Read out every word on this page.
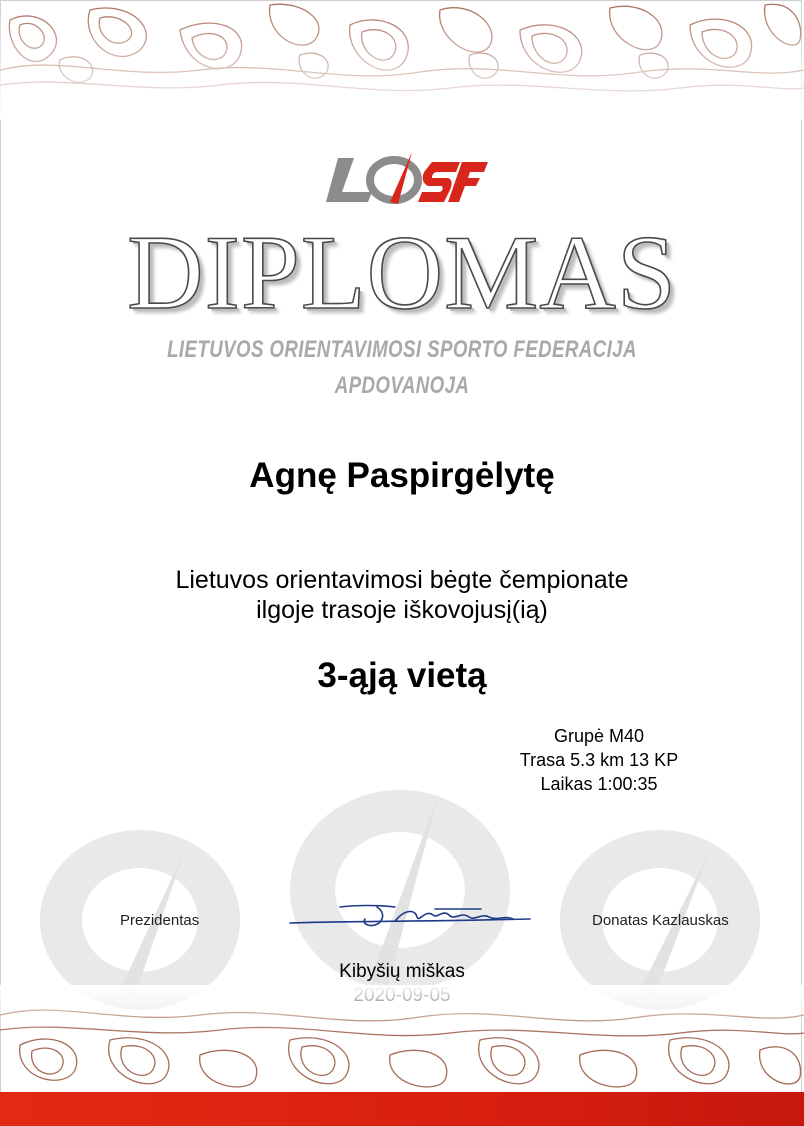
DIPLOMAS
LIETUVOS ORIENTAVIMOSI SPORTO FEDERACIJA
APDOVANOJA
Agnę Paspirgėlytę
Lietuvos orientavimosi bėgte čempionate
ilgoje trasoje iškovojusį(ią)
3-ąją vietą
Grupė M40
Trasa 5.3 km 13 KP
Laikas 1:00:35
Prezidentas	Donatas Kazlauskas
Kibyšių miškas
